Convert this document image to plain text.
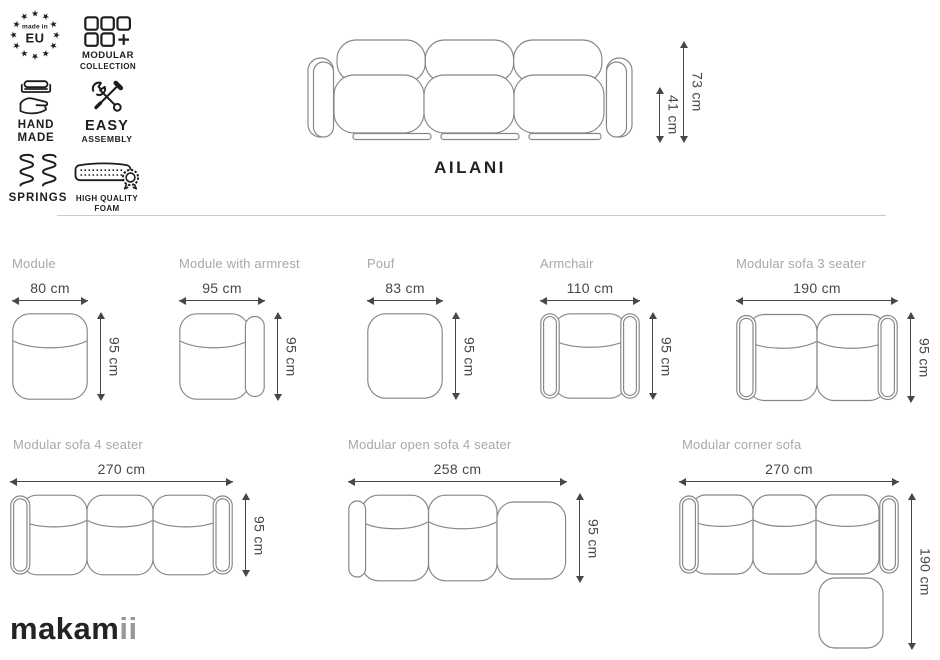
★ ★
★
★
★
★
★
★
★
★
★
★
made in
EU
MODULAR
COLLECTION
HAND
MADE
EASY
ASSEMBLY
SPRINGS HIGH QUALITY
FOAM
41 cm
73 cm
AILANI
Module
80 cm
95 cm
Module with armrest
95 cm
95 cm
Pouf
83 cm
95 cm
Armchair
110 cm
95 cm
Modular sofa 3 seater
190 cm
95 cm
Modular sofa 4 seater
270 cm
95 cm
Modular open sofa 4 seater
258 cm
95 cm
Modular corner sofa
270 cm
190 cm
makamii
